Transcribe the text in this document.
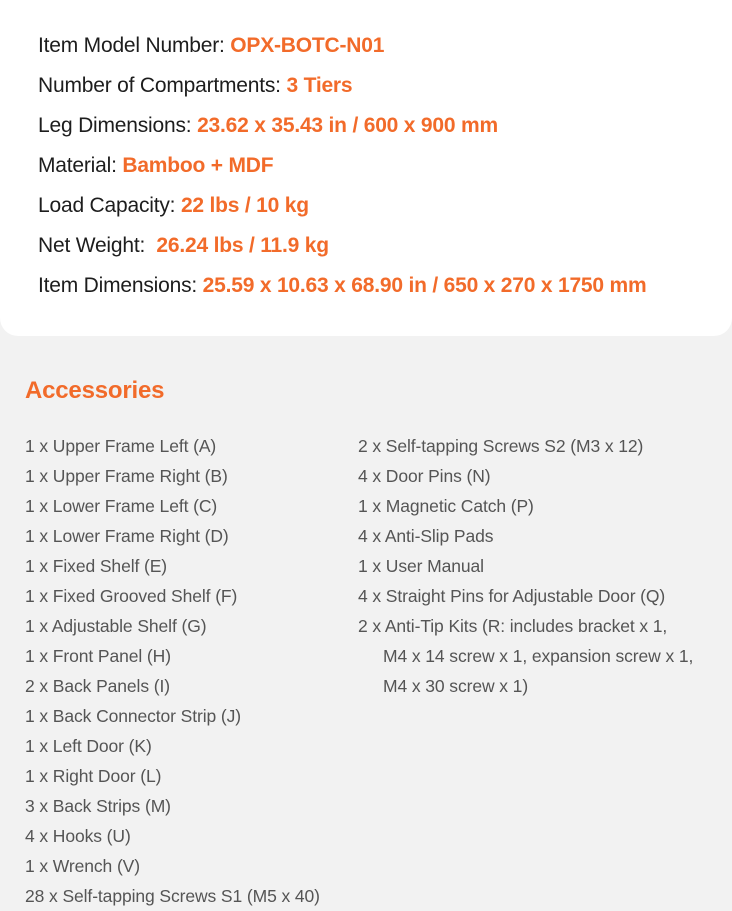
Item Model Number: OPX-BOTC-N01
Number of Compartments: 3 Tiers
Leg Dimensions: 23.62 x 35.43 in / 600 x 900 mm
Material: Bamboo + MDF
Load Capacity: 22 lbs / 10 kg
Net Weight:  26.24 lbs / 11.9 kg
Item Dimensions: 25.59 x 10.63 x 68.90 in / 650 x 270 x 1750 mm
Accessories
1 x Upper Frame Left (A)
1 x Upper Frame Right (B)
1 x Lower Frame Left (C)
1 x Lower Frame Right (D)
1 x Fixed Shelf (E)
1 x Fixed Grooved Shelf (F)
1 x Adjustable Shelf (G)
1 x Front Panel (H)
2 x Back Panels (I)
1 x Back Connector Strip (J)
1 x Left Door (K)
1 x Right Door (L)
3 x Back Strips (M)
4 x Hooks (U)
1 x Wrench (V)
28 x Self-tapping Screws S1 (M5 x 40)
2 x Self-tapping Screws S2 (M3 x 12)
4 x Door Pins (N)
1 x Magnetic Catch (P)
4 x Anti-Slip Pads
1 x User Manual
4 x Straight Pins for Adjustable Door (Q)
2 x Anti-Tip Kits (R: includes bracket x 1,
M4 x 14 screw x 1, expansion screw x 1,
M4 x 30 screw x 1)
